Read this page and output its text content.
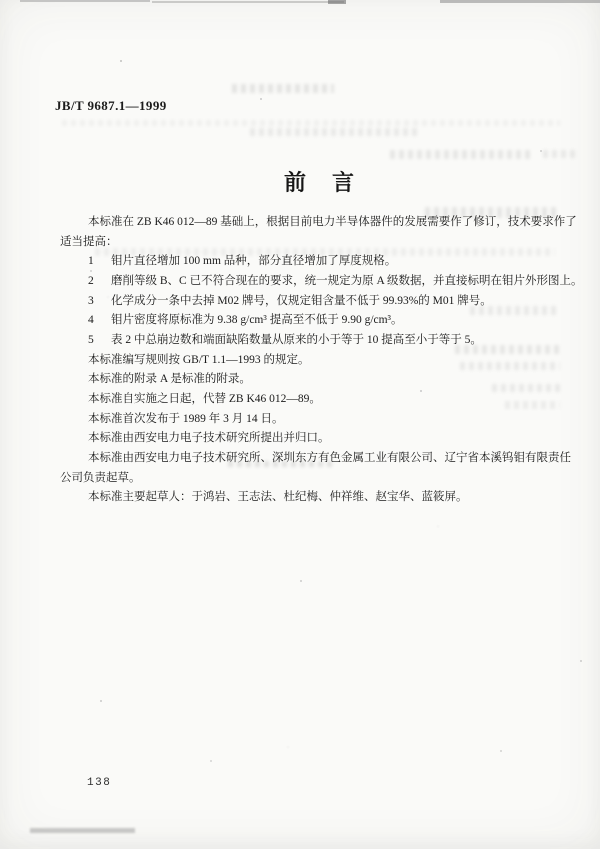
JB/T 9687.1—1999
前　言

本标准在 ZB K46 012—89 基础上，根据目前电力半导体器件的发展需要作了修订，技术要求作了

适当提高：

1 钼片直径增加 100 mm 品种，部分直径增加了厚度规格。

2 磨削等级 B、C 已不符合现在的要求，统一规定为原 A 级数据，并直接标明在钼片外形图上。

3 化学成分一条中去掉 M02 牌号，仅规定钼含量不低于 99.93%的 M01 牌号。

4 钼片密度将原标准为 9.38 g/cm³ 提高至不低于 9.90 g/cm³。

5 表 2 中总崩边数和端面缺陷数量从原来的小于等于 10 提高至小于等于 5。

本标准编写规则按 GB/T 1.1—1993 的规定。

本标准的附录 A 是标准的附录。

本标准自实施之日起，代替 ZB K46 012—89。

本标准首次发布于 1989 年 3 月 14 日。

本标准由西安电力电子技术研究所提出并归口。

本标准由西安电力电子技术研究所、深圳东方有色金属工业有限公司、辽宁省本溪钨钼有限责任

公司负责起草。

本标准主要起草人：于鸿岩、王志法、杜纪梅、仲祥维、赵宝华、蓝筱屏。

138
